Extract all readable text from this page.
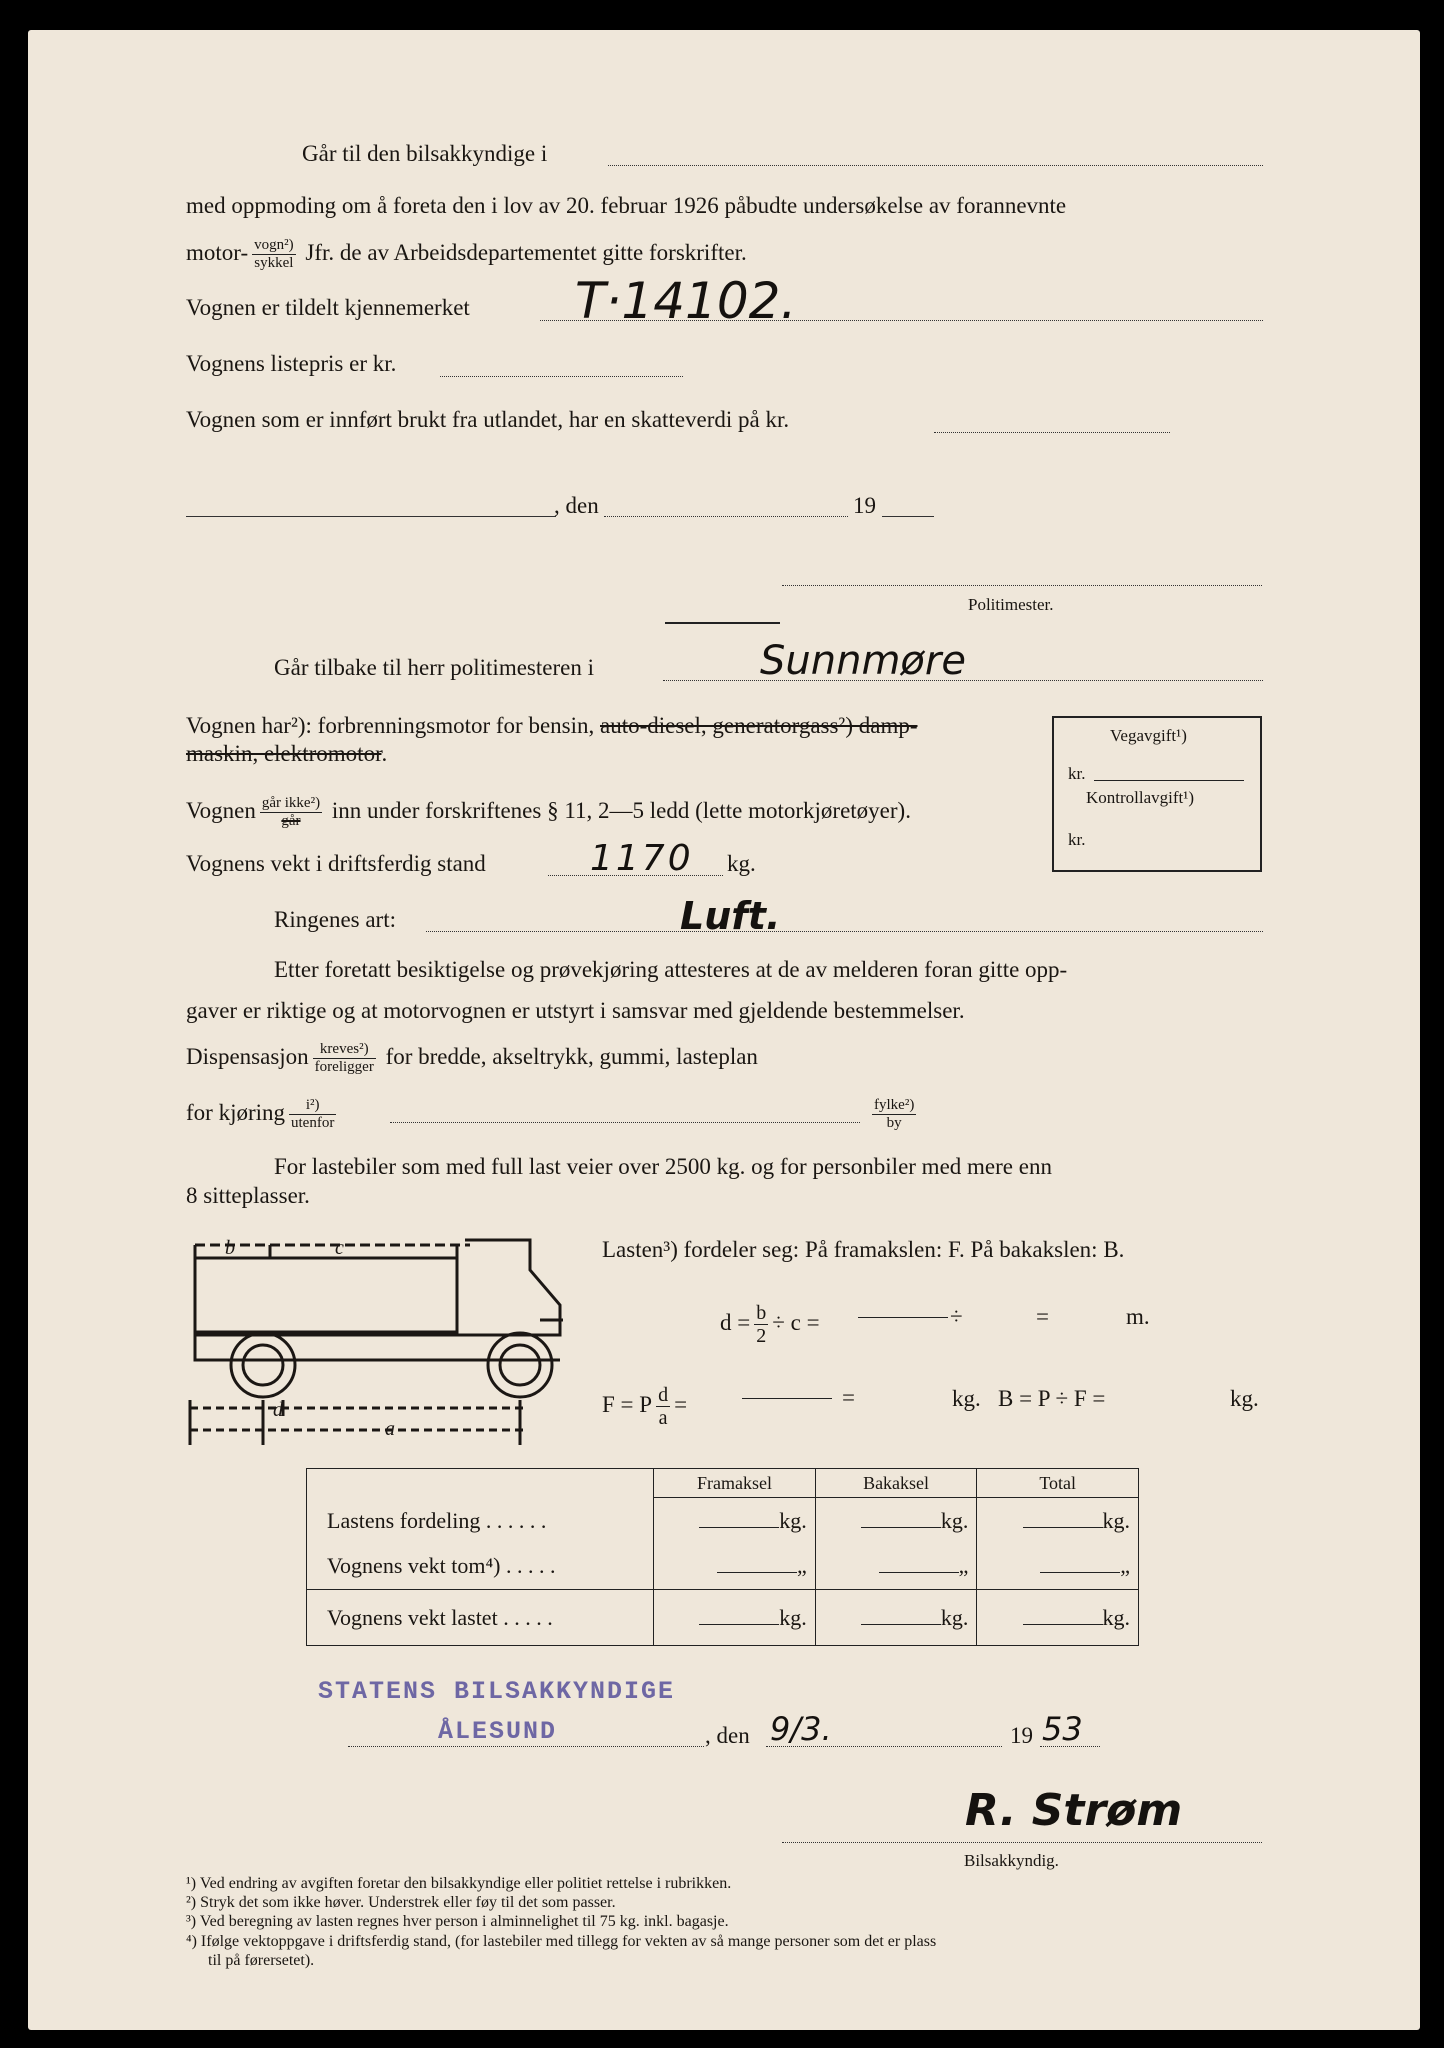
Går til den bilsakkyndige i
med oppmoding om å foreta den i lov av 20. februar 1926 påbudte undersøkelse av forannevnte
motor- $\frac{\text{vogn²)}}{\text{sykkel}}$ Jfr. de av Arbeidsdepartementet gitte forskrifter.
Vognen er tildelt kjennemerket T·14102.
Vognens listepris er kr.
Vognen som er innført brukt fra utlandet, har en skatteverdi på kr.
, den	19
Politimester.
Går tilbake til herr politimesteren i	Sunnmøre
Vognen har²): forbrenningsmotor for bensin, auto-diesel, generatorgass²) damp-
maskin, elektromotor.
Vognen $\frac{\text{går ikke²)}}{\text{går}}$ inn under forskriftenes § 11, 2—5 ledd (lette motorkjøretøyer).
Vognens vekt i driftsferdig stand	1170 kg.
Ringenes art:	Luft.
Vegavgift¹)
kr.
Kontrollavgift¹)
kr.
Etter foretatt besiktigelse og prøvekjøring attesteres at de av melderen foran gitte opp-
gaver er riktige og at motorvognen er utstyrt i samsvar med gjeldende bestemmelser.
Dispensasjon $\frac{\text{kreves²)}}{\text{foreligger}}$ for bredde, akseltrykk, gummi, lasteplan
for kjøring $\frac{\text{i²)}}{\text{utenfor}}$	$\frac{\text{fylke²)}}{by}$
For lastebiler som med full last veier over 2500 kg. og for personbiler med mere enn
8 sitteplasser.
b	c
d
a
Lasten³) fordeler seg: På framakslen: F. På bakakslen: B.
$d = \frac{b}{2} \div c$ =	÷	=	m.
F = P $\frac{d}{a}$ =	=	kg. B = P ÷ F =	kg.
	Framaksel	Bakaksel	Total
Lastens fordeling . . . . . .	kg.	kg.	kg.
Vognens vekt tom⁴) . . . . .	„	„	„
Vognens vekt lastet . . . . .	kg.	kg.	kg.
STATENS BILSAKKYNDIGE
ÅLESUND	, den 9/3.	19 53
R. Strøm
Bilsakkyndig.
¹) Ved endring av avgiften foretar den bilsakkyndige eller politiet rettelse i rubrikken.
²) Stryk det som ikke høver. Understrek eller føy til det som passer.
³) Ved beregning av lasten regnes hver person i alminnelighet til 75 kg. inkl. bagasje.
⁴) Ifølge vektoppgave i driftsferdig stand, (for lastebiler med tillegg for vekten av så mange personer som det er plass
til på førersetet).
